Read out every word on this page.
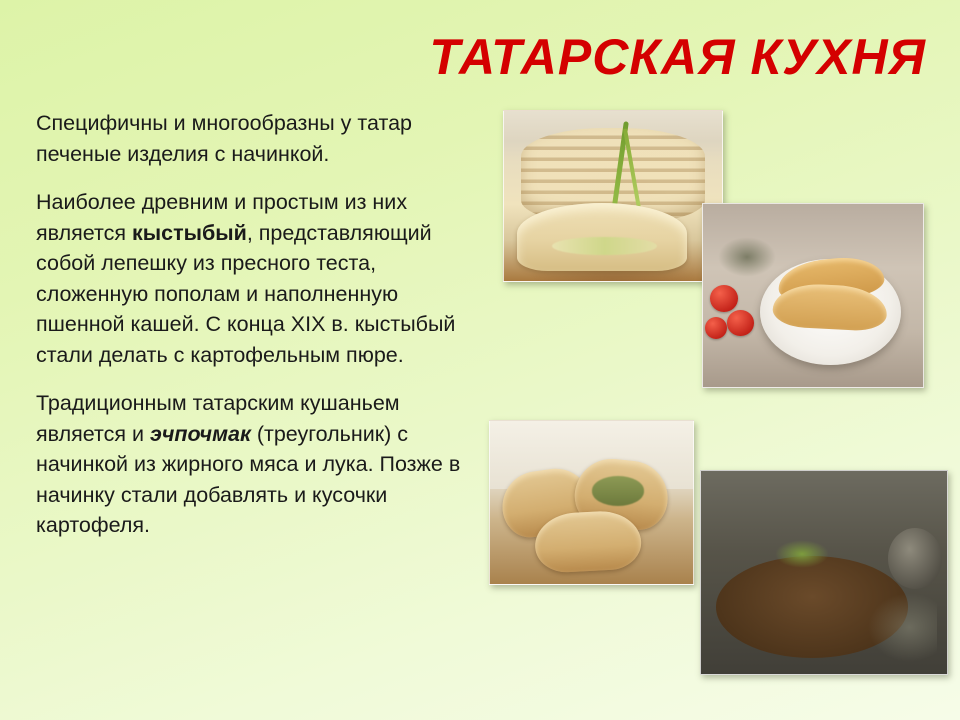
ТАТАРСКАЯ КУХНЯ

Специфичны и многообразны у татар печеные изделия с начинкой.

Наиболее древним и простым из них является кыстыбый, представляющий собой лепешку из пресного теста, сложенную пополам и наполненную пшенной кашей. С конца XIX в. кыстыбый стали делать с картофельным пюре.

Традиционным татарским кушаньем является и эчпочмак (треугольник) с начинкой из жирного мяса и лука. Позже в начинку стали добавлять и кусочки картофеля.
